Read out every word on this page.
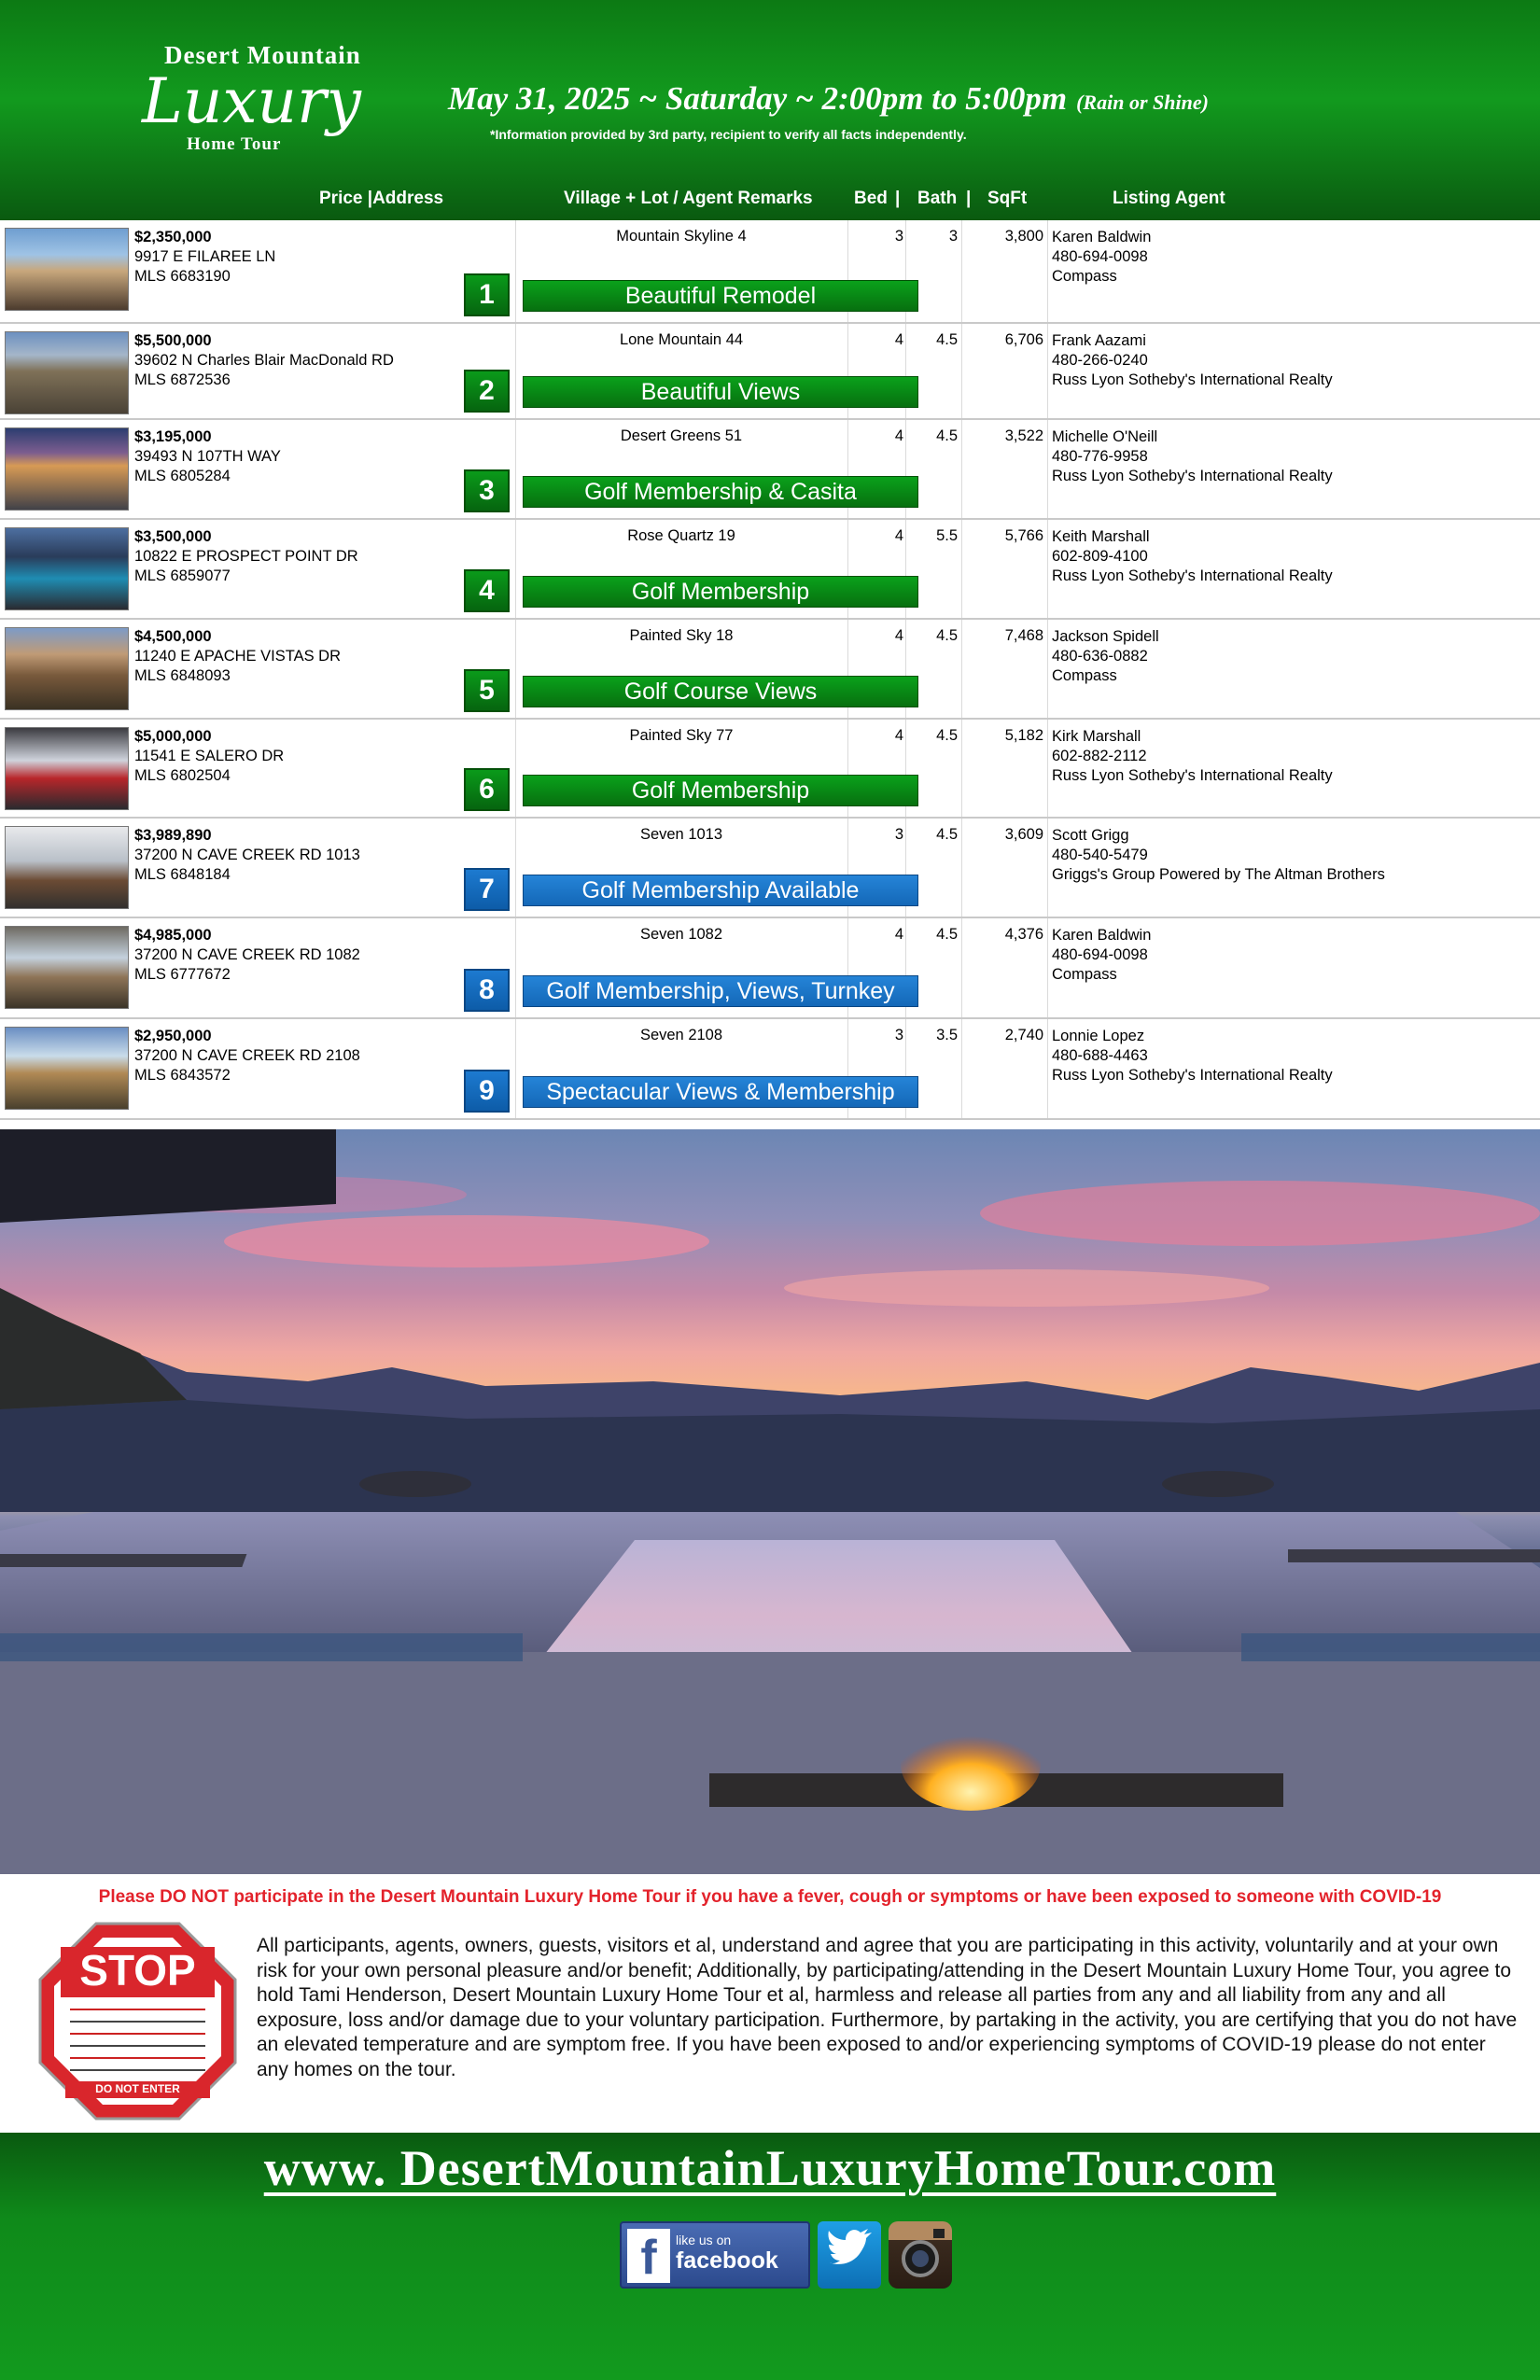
Desert Mountain
Luxury
Home Tour
May 31, 2025 ~ Saturday ~ 2:00pm to 5:00pm (Rain or Shine)
*Information provided by 3rd party, recipient to verify all facts independently.
Price |Address	Village + Lot / Agent Remarks Bed | Bath | SqFt	Listing Agent
$2,350,000
9917 E FILAREE LN
MLS 6683190
Mountain Skyline 4	3	3	3,800 Karen Baldwin
480-694-0098
Compass
1	Beautiful Remodel
$5,500,000
39602 N Charles Blair MacDonald RD
MLS 6872536
Lone Mountain 44	4	4.5	6,706 Frank Aazami
480-266-0240
Russ Lyon Sotheby's International Realty
2	Beautiful Views
$3,195,000
39493 N 107TH WAY
MLS 6805284
Desert Greens 51	4	4.5	3,522 Michelle O'Neill
480-776-9958
Russ Lyon Sotheby's International Realty
3	Golf Membership & Casita
$3,500,000
10822 E PROSPECT POINT DR
MLS 6859077
Rose Quartz 19	4	5.5	5,766 Keith Marshall
602-809-4100
Russ Lyon Sotheby's International Realty
4	Golf Membership
$4,500,000
11240 E APACHE VISTAS DR
MLS 6848093
Painted Sky 18	4	4.5	7,468 Jackson Spidell
480-636-0882
Compass
5	Golf Course Views
$5,000,000
11541 E SALERO DR
MLS 6802504
Painted Sky 77	4	4.5	5,182 Kirk Marshall
602-882-2112
Russ Lyon Sotheby's International Realty
6	Golf Membership
$3,989,890
37200 N CAVE CREEK RD 1013
MLS 6848184
Seven 1013	3	4.5	3,609 Scott Grigg
480-540-5479
Griggs's Group Powered by The Altman Brothers
7	Golf Membership Available
$4,985,000
37200 N CAVE CREEK RD 1082
MLS 6777672
Seven 1082	4	4.5	4,376 Karen Baldwin
480-694-0098
Compass
8	Golf Membership, Views, Turnkey
$2,950,000
37200 N CAVE CREEK RD 2108
MLS 6843572
Seven 2108	3	3.5	2,740 Lonnie Lopez
480-688-4463
Russ Lyon Sotheby's International Realty
9	Spectacular Views & Membership
Please DO NOT participate in the Desert Mountain Luxury Home Tour if you have a fever, cough or symptoms or have been exposed to someone with COVID-19
STOP
DO NOT ENTER
All participants, agents, owners, guests, visitors et al, understand and agree that you are participating in this activity, voluntarily and at your own risk for your own personal pleasure and/or benefit; Additionally, by participating/attending in the Desert Mountain Luxury Home Tour, you agree to hold Tami Henderson, Desert Mountain Luxury Home Tour et al, harmless and release all parties from any and all liability from any and all exposure, loss and/or damage due to your voluntary participation. Furthermore, by partaking in the activity, you are certifying that you do not have an elevated temperature and are symptom free. If you have been exposed to and/or experiencing symptoms of COVID-19 please do not enter any homes on the tour.
www. DesertMountainLuxuryHomeTour.com
f	like us on
facebook
